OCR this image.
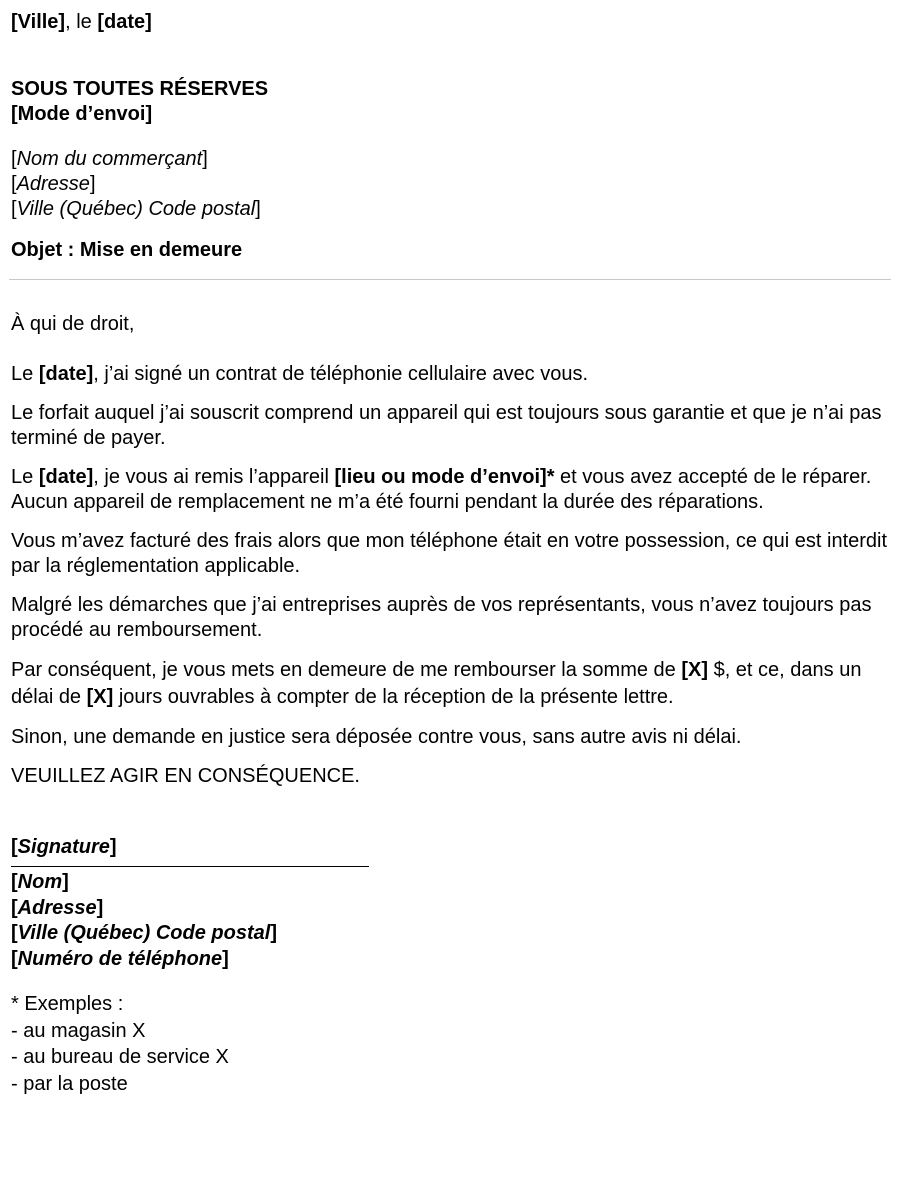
[Ville], le [date]

SOUS TOUTES RÉSERVES

[Mode d’envoi]

[Nom du commerçant]

[Adresse]

[Ville (Québec) Code postal]

Objet : Mise en demeure

À qui de droit,

Le [date], j’ai signé un contrat de téléphonie cellulaire avec vous.

Le forfait auquel j’ai souscrit comprend un appareil qui est toujours sous garantie et que je n’ai pas terminé de payer.

Le [date], je vous ai remis l’appareil [lieu ou mode d’envoi]* et vous avez accepté de le réparer. Aucun appareil de remplacement ne m’a été fourni pendant la durée des réparations.

Vous m’avez facturé des frais alors que mon téléphone était en votre possession, ce qui est interdit par la réglementation applicable.

Malgré les démarches que j’ai entreprises auprès de vos représentants, vous n’avez toujours pas procédé au remboursement.

Par conséquent, je vous mets en demeure de me rembourser la somme de [X] $, et ce, dans un délai de [X] jours ouvrables à compter de la réception de la présente lettre.

Sinon, une demande en justice sera déposée contre vous, sans autre avis ni délai.

VEUILLEZ AGIR EN CONSÉQUENCE.

[Signature]

[Nom]

[Adresse]

[Ville (Québec) Code postal]

[Numéro de téléphone]

* Exemples :

- au magasin X

- au bureau de service X

- par la poste
